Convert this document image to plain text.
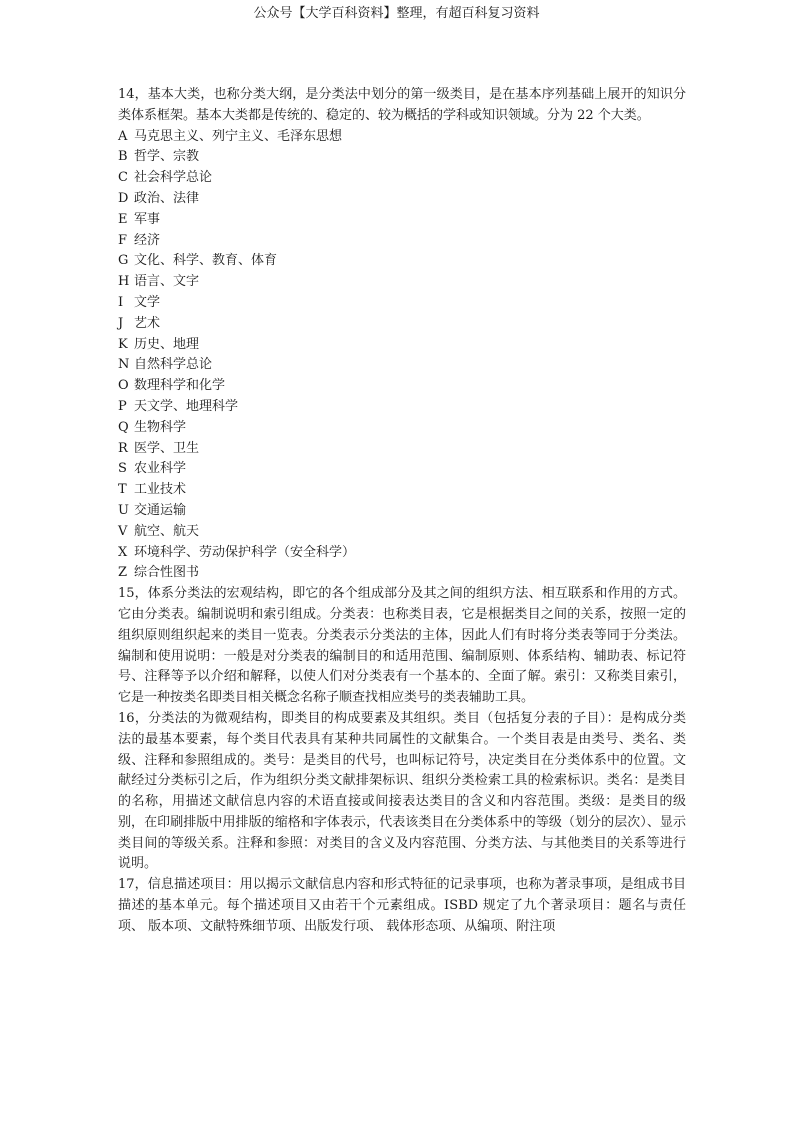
公众号【大学百科资料】整理，有超百科复习资料

14，基本大类，也称分类大纲，是分类法中划分的第一级类目，是在基本序列基础上展开的知识分类体系框架。基本大类都是传统的、稳定的、较为概括的学科或知识领域。分为 22 个大类。

A 马克思主义、列宁主义、毛泽东思想
B 哲学、宗教
C 社会科学总论
D 政治、法律
E 军事
F 经济
G 文化、科学、教育、体育
H 语言、文字
I 文学
J 艺术
K 历史、地理
N 自然科学总论
O 数理科学和化学
P 天文学、地理科学
Q 生物科学
R 医学、卫生
S 农业科学
T 工业技术
U 交通运输
V 航空、航天
X 环境科学、劳动保护科学（安全科学）
Z 综合性图书

15，体系分类法的宏观结构，即它的各个组成部分及其之间的组织方法、相互联系和作用的方式。它由分类表。编制说明和索引组成。分类表：也称类目表，它是根据类目之间的关系，按照一定的组织原则组织起来的类目一览表。分类表示分类法的主体，因此人们有时将分类表等同于分类法。编制和使用说明：一般是对分类表的编制目的和适用范围、编制原则、体系结构、辅助表、标记符号、注释等予以介绍和解释，以使人们对分类表有一个基本的、全面了解。索引：又称类目索引，它是一种按类名即类目相关概念名称子顺查找相应类号的类表辅助工具。

16，分类法的为微观结构，即类目的构成要素及其组织。类目（包括复分表的子目）：是构成分类法的最基本要素，每个类目代表具有某种共同属性的文献集合。一个类目表是由类号、类名、类级、注释和参照组成的。类号：是类目的代号，也叫标记符号，决定类目在分类体系中的位置。文献经过分类标引之后，作为组织分类文献排架标识、组织分类检索工具的检索标识。类名：是类目的名称，用描述文献信息内容的术语直接或间接表达类目的含义和内容范围。类级：是类目的级别，在印刷排版中用排版的缩格和字体表示，代表该类目在分类体系中的等级（划分的层次）、显示类目间的等级关系。注释和参照：对类目的含义及内容范围、分类方法、与其他类目的关系等进行说明。

17，信息描述项目：用以揭示文献信息内容和形式特征的记录事项，也称为著录事项，是组成书目描述的基本单元。每个描述项目又由若干个元素组成。ISBD 规定了九个著录项目：题名与责任项、 版本项、文献特殊细节项、出版发行项、 载体形态项、从编项、附注项
